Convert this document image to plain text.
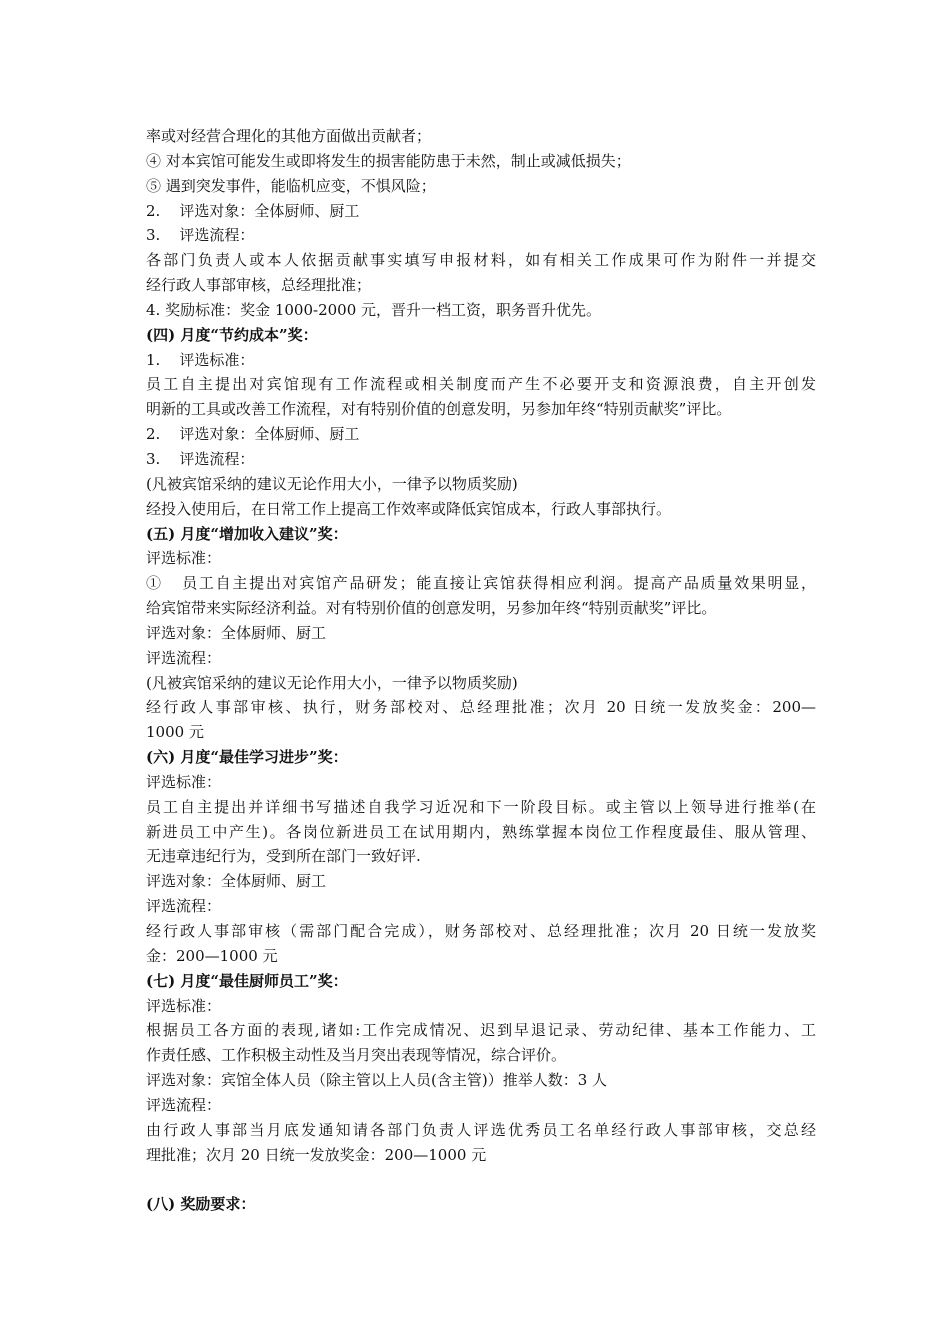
率或对经营合理化的其他方面做出贡献者；
④ 对本宾馆可能发生或即将发生的损害能防患于未然，制止或减低损失；
⑤ 遇到突发事件，能临机应变，不惧风险；
2.    评选对象：全体厨师、厨工
3.    评选流程：
各部门负责人或本人依据贡献事实填写申报材料，如有相关工作成果可作为附件一并提交
经行政人事部审核，总经理批准；
4. 奖励标准：奖金 1000-2000 元，晋升一档工资，职务晋升优先。
(四) 月度“节约成本”奖：
1.    评选标准：
员工自主提出对宾馆现有工作流程或相关制度而产生不必要开支和资源浪费，自主开创发
明新的工具或改善工作流程，对有特别价值的创意发明，另参加年终“特别贡献奖”评比。
2.    评选对象：全体厨师、厨工
3.    评选流程：
(凡被宾馆采纳的建议无论作用大小，一律予以物质奖励)
经投入使用后，在日常工作上提高工作效率或降低宾馆成本，行政人事部执行。
(五) 月度“增加收入建议”奖：
评选标准：
①   员工自主提出对宾馆产品研发；能直接让宾馆获得相应利润。提高产品质量效果明显，
给宾馆带来实际经济利益。对有特别价值的创意发明，另参加年终“特别贡献奖”评比。
评选对象：全体厨师、厨工
评选流程：
(凡被宾馆采纳的建议无论作用大小，一律予以物质奖励)
经行政人事部审核、执行，财务部校对、总经理批准；次月 20 日统一发放奖金：200—
1000 元
(六) 月度“最佳学习进步”奖：
评选标准：
员工自主提出并详细书写描述自我学习近况和下一阶段目标。或主管以上领导进行推举(在
新进员工中产生)。各岗位新进员工在试用期内，熟练掌握本岗位工作程度最佳、服从管理、
无违章违纪行为，受到所在部门一致好评.
评选对象：全体厨师、厨工
评选流程：
经行政人事部审核（需部门配合完成），财务部校对、总经理批准；次月 20 日统一发放奖
金：200—1000 元
(七) 月度“最佳厨师员工”奖：
评选标准：
根据员工各方面的表现,诸如:工作完成情况、迟到早退记录、劳动纪律、基本工作能力、工
作责任感、工作积极主动性及当月突出表现等情况，综合评价。
评选对象：宾馆全体人员（除主管以上人员(含主管)）推举人数：3 人
评选流程：
由行政人事部当月底发通知请各部门负责人评选优秀员工名单经行政人事部审核，交总经
理批准；次月 20 日统一发放奖金：200—1000 元
(八) 奖励要求：
